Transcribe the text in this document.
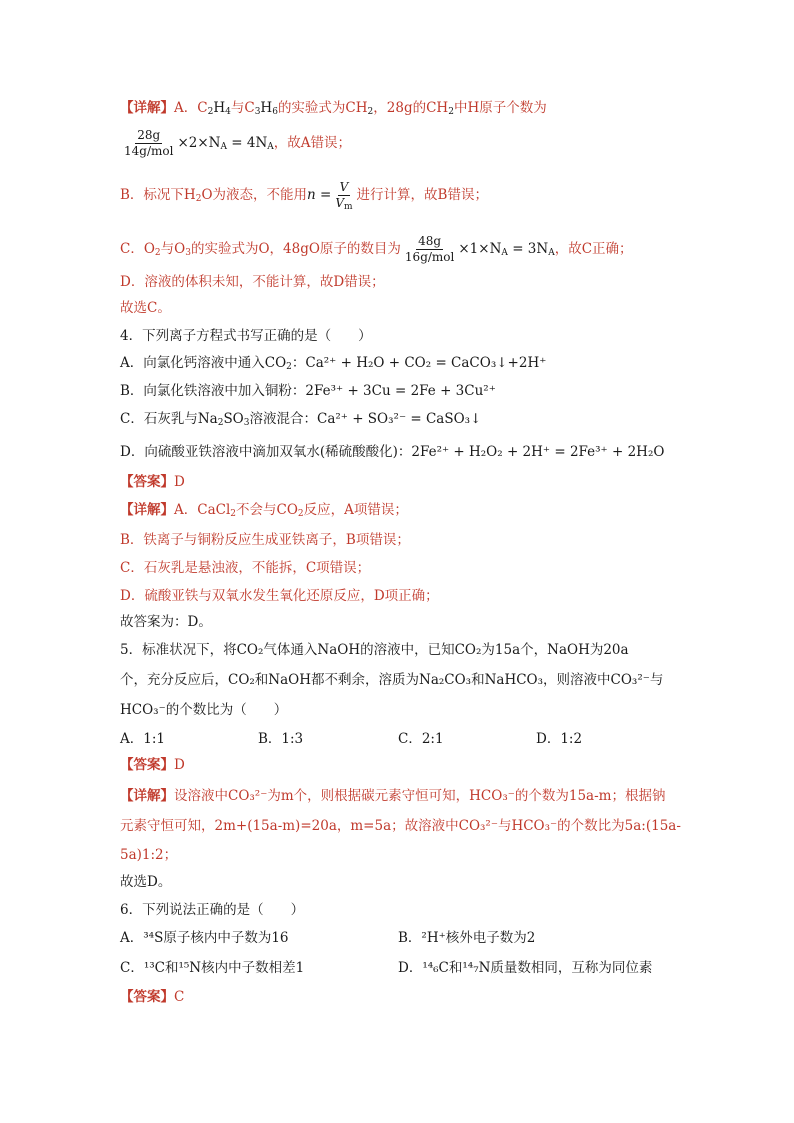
【详解】A．$C_2H_4$与$C_3H_6$的实验式为$CH_2$，28g的$CH_2$中H原子个数为
$\frac{28g}{\text{14g/mol}} \times 2\times N_A = 4N_A$，故A错误；
B．标况下$H_2O$为液态，不能用$n = \frac{V}{V_m}$ 进行计算，故B错误；
C．$O_2$与$O_3$的实验式为O，48gO原子的数目为 $\frac{48g}{\text{16g/mol}} \times 1\times N_A = 3N_A$，故C正确；
D．溶液的体积未知，不能计算，故D错误；
故选C。
4．下列离子方程式书写正确的是（　　）
A．向氯化钙溶液中通入$CO_2$：Ca²⁺ + H₂O + CO₂ = CaCO₃↓+2H⁺
B．向氯化铁溶液中加入铜粉：2Fe³⁺ + 3Cu = 2Fe + 3Cu²⁺
C．石灰乳与$Na_2SO_3$溶液混合：Ca²⁺ + SO₃²⁻ = CaSO₃↓
D．向硫酸亚铁溶液中滴加双氧水(稀硫酸酸化)：2Fe²⁺ + H₂O₂ + 2H⁺ = 2Fe³⁺ + 2H₂O
【答案】D
【详解】A．CaCl$_2$不会与$CO_2$反应，A项错误；
B．铁离子与铜粉反应生成亚铁离子，B项错误；
C．石灰乳是悬浊液，不能拆，C项错误；
D．硫酸亚铁与双氧水发生氧化还原反应，D项正确；
故答案为：D。
5．标准状况下，将CO₂气体通入NaOH的溶液中，已知CO₂为15a个，NaOH为20a
个，充分反应后，CO₂和NaOH都不剩余，溶质为Na₂CO₃和NaHCO₃，则溶液中CO₃²⁻与
HCO₃⁻的个数比为（　　）
A．1:1	B．1:3	C．2:1	D．1:2
【答案】D
【详解】设溶液中CO₃²⁻为m个，则根据碳元素守恒可知，HCO₃⁻的个数为15a-m；根据钠
元素守恒可知，2m+(15a-m)=20a，m=5a；故溶液中CO₃²⁻与HCO₃⁻的个数比为5a:(15a-
5a)1:2；
故选D。
6．下列说法正确的是（　　）
A．³⁴S原子核内中子数为16	B．²H⁺核外电子数为2
C．¹³C和¹⁵N核内中子数相差1	D．¹⁴₆C和¹⁴₇N质量数相同，互称为同位素
【答案】C
